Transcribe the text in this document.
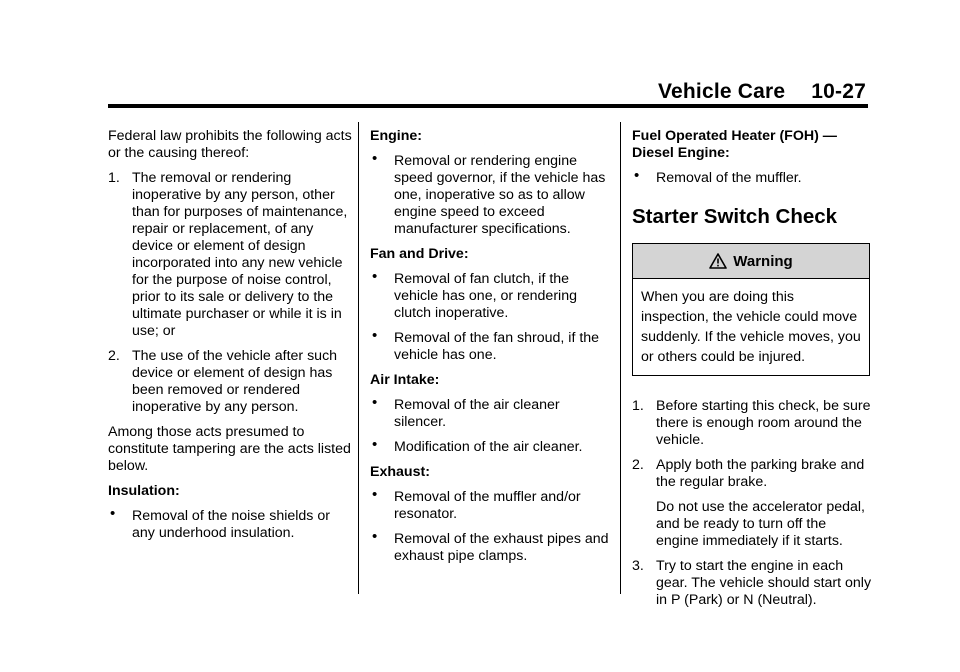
Vehicle Care 10-27

Federal law prohibits the following acts or the causing thereof:

1. The removal or rendering inoperative by any person, other than for purposes of maintenance, repair or replacement, of any device or element of design incorporated into any new vehicle for the purpose of noise control, prior to its sale or delivery to the ultimate purchaser or while it is in use; or
2. The use of the vehicle after such device or element of design has been removed or rendered inoperative by any person.

Among those acts presumed to constitute tampering are the acts listed below.

Insulation:
• Removal of the noise shields or any underhood insulation.
Engine:
• Removal or rendering engine speed governor, if the vehicle has one, inoperative so as to allow engine speed to exceed manufacturer specifications.
Fan and Drive:
• Removal of fan clutch, if the vehicle has one, or rendering clutch inoperative.
• Removal of the fan shroud, if the vehicle has one.
Air Intake:
• Removal of the air cleaner silencer.
• Modification of the air cleaner.
Exhaust:
• Removal of the muffler and/or resonator.
• Removal of the exhaust pipes and exhaust pipe clamps.
Fuel Operated Heater (FOH) — Diesel Engine:
• Removal of the muffler.
Starter Switch Check
Warning
When you are doing this inspection, the vehicle could move suddenly. If the vehicle moves, you or others could be injured.
1. Before starting this check, be sure there is enough room around the vehicle.
2. Apply both the parking brake and the regular brake.
Do not use the accelerator pedal, and be ready to turn off the engine immediately if it starts.
3. Try to start the engine in each gear. The vehicle should start only in P (Park) or N (Neutral).
